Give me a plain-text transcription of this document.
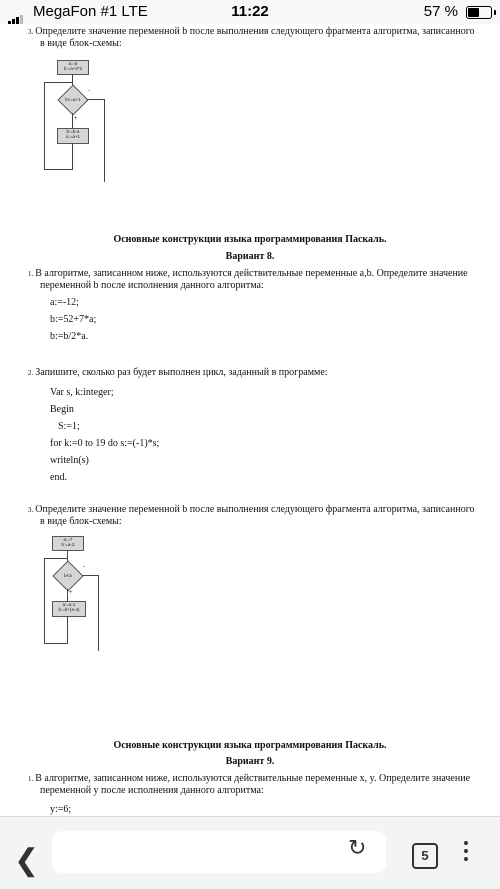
MegaFon #1 LTE	11:22	57 %
3. Определите значение переменной b после выполнения следующего фрагмента алгоритма, записанного
в виде блок-схемы:
a:=5
b:=a+2*2
b<=a+1
-
+
b:=b-a
a:=a+1
Основные конструкции языка программирования Паскаль.
Вариант 8.
1. В алгоритме, записанном ниже, используются действительные переменные a,b. Определите значение
переменной b после исполнения данного алгоритма:
a:=-12;
b:=52+7*a;
b:=b/2*a.
2. Запишите, сколько раз будет выполнен цикл, заданный в программе:
Var s, k:integer;
Begin
S:=1;
for k:=0 to 19 do s:=(-1)*s;
writeln(s)
end.
3. Определите значение переменной b после выполнения следующего фрагмента алгоритма, записанного
в виде блок-схемы:
a:=7
b:=a-3
b<a
-
+
a:=a-1
b:=b+(a-4)
Основные конструкции языка программирования Паскаль.
Вариант 9.
1. В алгоритме, записанном ниже, используются действительные переменные x, y. Определите значение
переменной y после исполнения данного алгоритма:
y:=6;
❮	↻	5
